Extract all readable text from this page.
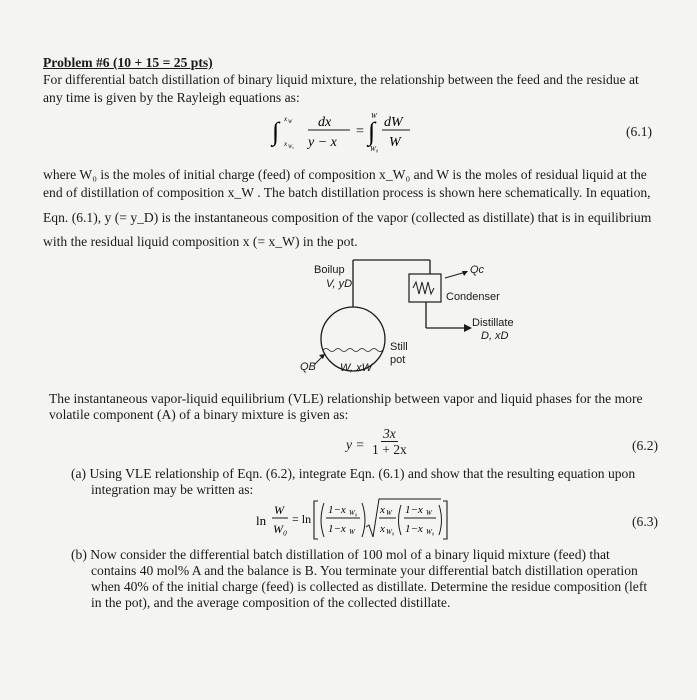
Problem #6 (10 + 15 = 25 pts)
For differential batch distillation of binary liquid mixture, the relationship between the feed and the residue at
any time is given by the Rayleigh equations as:
∫ x W
x W₀
dx
y − x
= ∫
W
W₀
dW
W
(6.1)
where W₀ is the moles of initial charge (feed) of composition x_W₀ and W is the moles of residual liquid at the
end of distillation of composition x_W . The batch distillation process is shown here schematically. In equation,
Eqn. (6.1), y (= y_D) is the instantaneous composition of the vapor (collected as distillate) that is in equilibrium
with the residual liquid composition x (= x_W) in the pot.
Boilup
V, yD
Qc
Condenser
Distillate
D, xD
Still
pot
QB W, xW
The instantaneous vapor-liquid equilibrium (VLE) relationship between vapor and liquid phases for the more
volatile component (A) of a binary mixture is given as:
$y = \frac{3x}{1 + 2x}$	(6.2)
(a) Using VLE relationship of Eqn. (6.2), integrate Eqn. (6.1) and show that the resulting equation upon
integration may be written as:
ln
W
W₀
= ln
1−x W₀
1−x W
x W
x W₀
1−x W
1−x W₀
(6.3)
(b) Now consider the differential batch distillation of 100 mol of a binary liquid mixture (feed) that
contains 40 mol% A and the balance is B. You terminate your differential batch distillation operation
when 40% of the initial charge (feed) is collected as distillate. Determine the residue composition (left
in the pot), and the average composition of the collected distillate.
